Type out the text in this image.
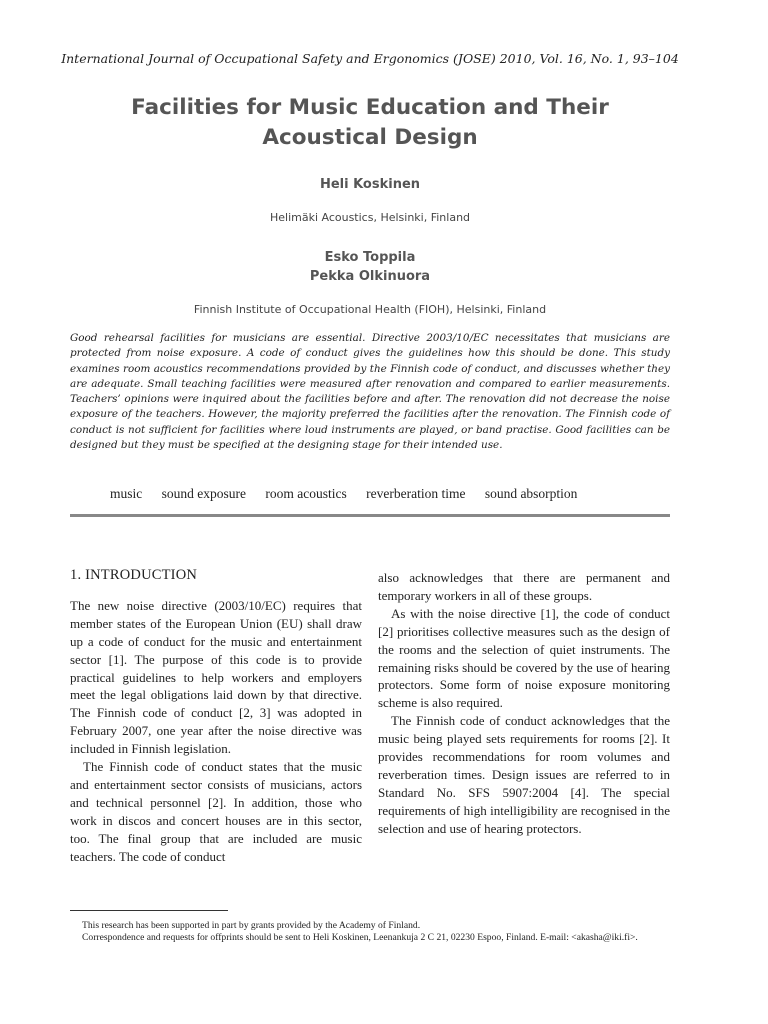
International Journal of Occupational Safety and Ergonomics (JOSE) 2010, Vol. 16, No. 1, 93–104
Facilities for Music Education and Their Acoustical Design
Heli Koskinen
Helimäki Acoustics, Helsinki, Finland
Esko Toppila
Pekka Olkinuora
Finnish Institute of Occupational Health (FIOH), Helsinki, Finland
Good rehearsal facilities for musicians are essential. Directive 2003/10/EC necessitates that musicians are protected from noise exposure. A code of conduct gives the guidelines how this should be done. This study examines room acoustics recommendations provided by the Finnish code of conduct, and discusses whether they are adequate. Small teaching facilities were measured after renovation and compared to earlier measurements. Teachers’ opinions were inquired about the facilities before and after. The renovation did not decrease the noise exposure of the teachers. However, the majority preferred the facilities after the renovation. The Finnish code of conduct is not sufficient for facilities where loud instruments are played, or band practise. Good facilities can be designed but they must be specified at the designing stage for their intended use.
music sound exposure room acoustics reverberation time sound absorption
1. INTRODUCTION

The new noise directive (2003/10/EC) requires that member states of the European Union (EU) shall draw up a code of conduct for the music and entertainment sector [1]. The purpose of this code is to provide practical guidelines to help workers and employers meet the legal obligations laid down by that directive. The Finnish code of conduct [2, 3] was adopted in February 2007, one year after the noise directive was included in Finnish legislation.

The Finnish code of conduct states that the music and entertainment sector consists of musicians, actors and technical personnel [2]. In addition, those who work in discos and concert houses are in this sector, too. The final group that are included are music teachers. The code of conduct

also acknowledges that there are permanent and temporary workers in all of these groups.

As with the noise directive [1], the code of conduct [2] prioritises collective measures such as the design of the rooms and the selection of quiet instruments. The remaining risks should be covered by the use of hearing protectors. Some form of noise exposure monitoring scheme is also required.

The Finnish code of conduct acknowledges that the music being played sets requirements for rooms [2]. It provides recommendations for room volumes and reverberation times. Design issues are referred to in Standard No. SFS 5907:2004 [4]. The special requirements of high intelligibility are recognised in the selection and use of hearing protectors.

This research has been supported in part by grants provided by the Academy of Finland.

Correspondence and requests for offprints should be sent to Heli Koskinen, Leenankuja 2 C 21, 02230 Espoo, Finland. E-mail: <akasha@iki.fi>.
